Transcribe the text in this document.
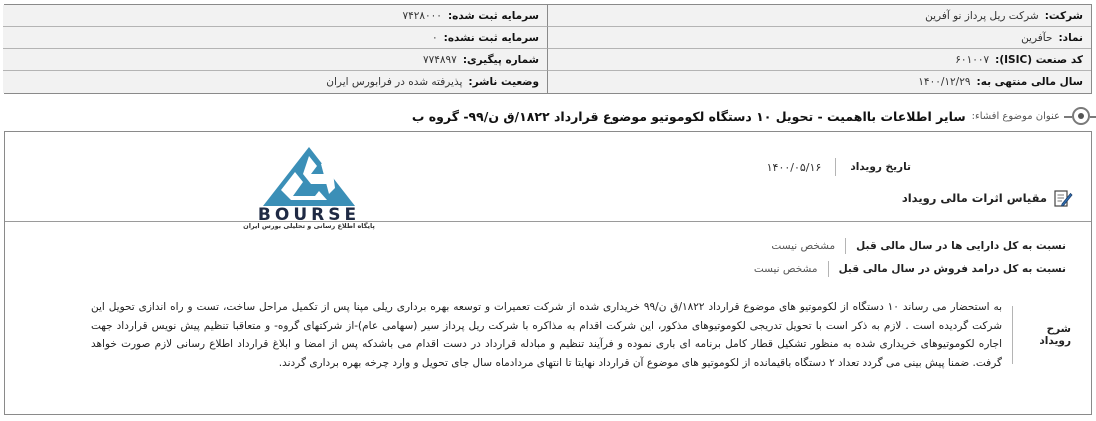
شرکت:
شرکت ریل پرداز نو آفرین
سرمایه ثبت شده:
۷۴۲۸۰۰۰
نماد:
حآفرین
سرمایه ثبت نشده:
۰
کد صنعت (ISIC):
۶۰۱۰۰۷
شماره پیگیری:
۷۷۴۸۹۷
سال مالی منتهی به:
۱۴۰۰/۱۲/۲۹
وضعیت ناشر:
پذیرفته شده در فرابورس ایران
عنوان موضوع افشاء:
سایر اطلاعات بااهمیت - تحویل ۱۰ دستگاه لکوموتیو موضوع قرارداد ۱۸۲۲/ق ن/۹۹- گروه ب
تاریخ رویداد
۱۴۰۰/۰۵/۱۶
مقیاس اثرات مالی رویداد
BOURSE
پایگاه اطلاع رسانی و تحلیلی بورس ایران
نسبت به کل دارایی ها در سال مالی قبل
مشخص نیست
نسبت به کل درامد فروش در سال مالی قبل
مشخص نیست
شرح رویداد
به استحضار می رساند ۱۰ دستگاه از لکوموتیو های موضوع قرارداد ۱۸۲۲/ق ن/۹۹ خریداری شده از شرکت تعمیرات و توسعه بهره برداری ریلی مپنا پس از تکمیل مراحل ساخت، تست و راه اندازی تحویل این شرکت گردیده است . لازم به ذکر است با تحویل تدریجی لکوموتیوهای مذکور، این شرکت اقدام به مذاکره با شرکت ریل پرداز سیر (سهامی عام)-از شرکتهای گروه- و متعاقبا تنظیم پیش نویس قرارداد جهت اجاره لکوموتیوهای خریداری شده به منظور تشکیل قطار کامل برنامه ای باری نموده و فرآیند تنظیم و مبادله قرارداد در دست اقدام می باشدکه پس از امضا و ابلاغ قرارداد اطلاع رسانی لازم صورت خواهد گرفت. ضمنا پیش بینی می گردد تعداد ۲ دستگاه باقیمانده از لکوموتیو های موضوع آن قرارداد نهایتا تا انتهای مردادماه سال جای تحویل و وارد چرخه بهره برداری گردند.
